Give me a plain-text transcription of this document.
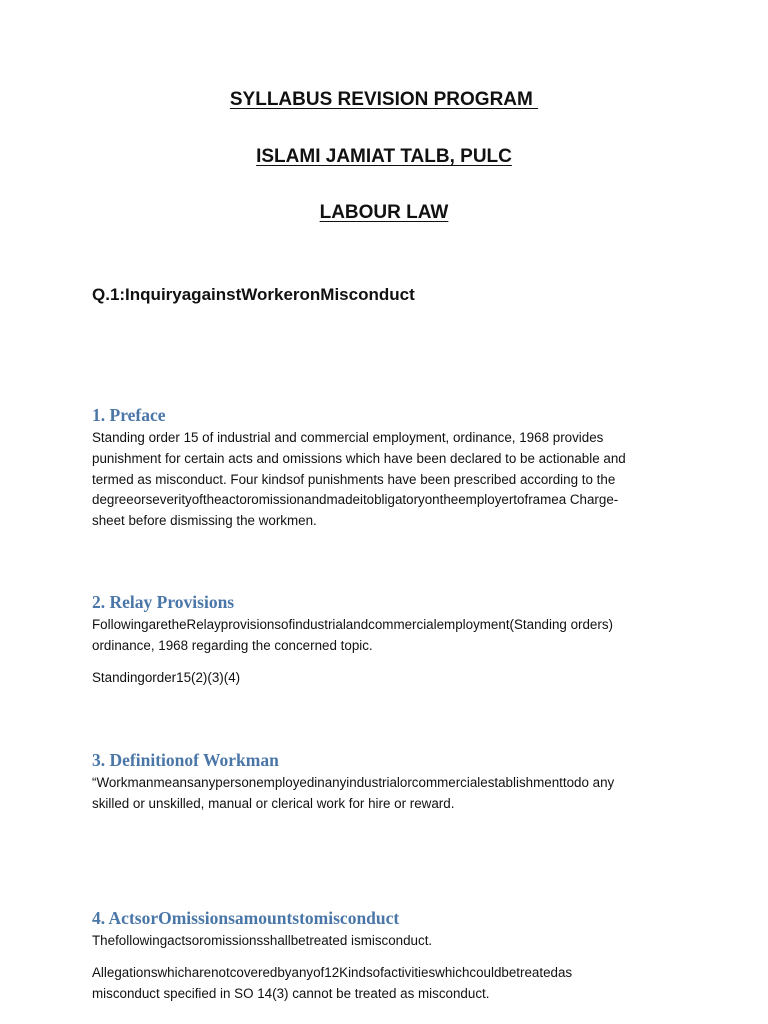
SYLLABUS REVISION PROGRAM
ISLAMI JAMIAT TALB, PULC
LABOUR LAW
Q.1:InquiryagainstWorkeronMisconduct
1. Preface
Standing order 15 of industrial and commercial employment, ordinance, 1968 provides
punishment for certain acts and omissions which have been declared to be actionable and
termed as misconduct. Four kindsof punishments have been prescribed according to the
degreeorseverityoftheactoromissionandmadeitobligatoryontheemployertoframea Charge-
sheet before dismissing the workmen.
2. Relay Provisions
FollowingaretheRelayprovisionsofindustrialandcommercialemployment(Standing orders)
ordinance, 1968 regarding the concerned topic.
Standingorder15(2)(3)(4)
3. Definitionof Workman
“Workmanmeansanypersonemployedinanyindustrialorcommercialestablishmenttodo any
skilled or unskilled, manual or clerical work for hire or reward.
4. ActsorOmissionsamountstomisconduct
Thefollowingactsoromissionsshallbetreated ismisconduct.
Allegationswhicharenotcoveredbyanyof12Kindsofactivitieswhichcouldbetreatedas
misconduct specified in SO 14(3) cannot be treated as misconduct.
